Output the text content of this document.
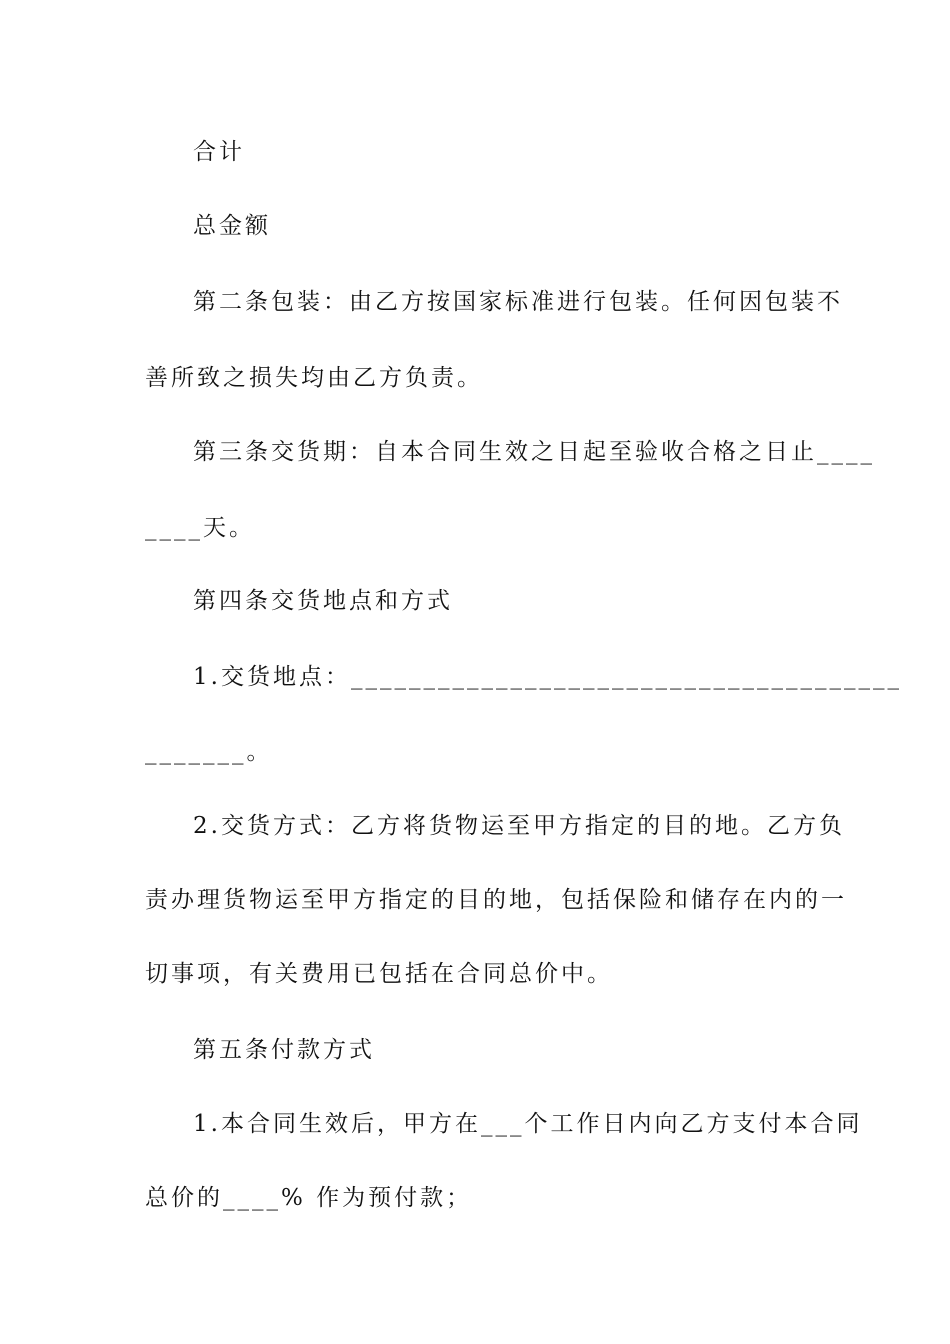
合计
总金额
第二条包装：由乙方按国家标准进行包装。任何因包装不
善所致之损失均由乙方负责。
第三条交货期：自本合同生效之日起至验收合格之日止____
____天。
第四条交货地点和方式
1.交货地点：______________________________________
_______。
2.交货方式：乙方将货物运至甲方指定的目的地。乙方负
责办理货物运至甲方指定的目的地，包括保险和储存在内的一
切事项，有关费用已包括在合同总价中。
第五条付款方式
1.本合同生效后，甲方在___个工作日内向乙方支付本合同
总价的____% 作为预付款；
